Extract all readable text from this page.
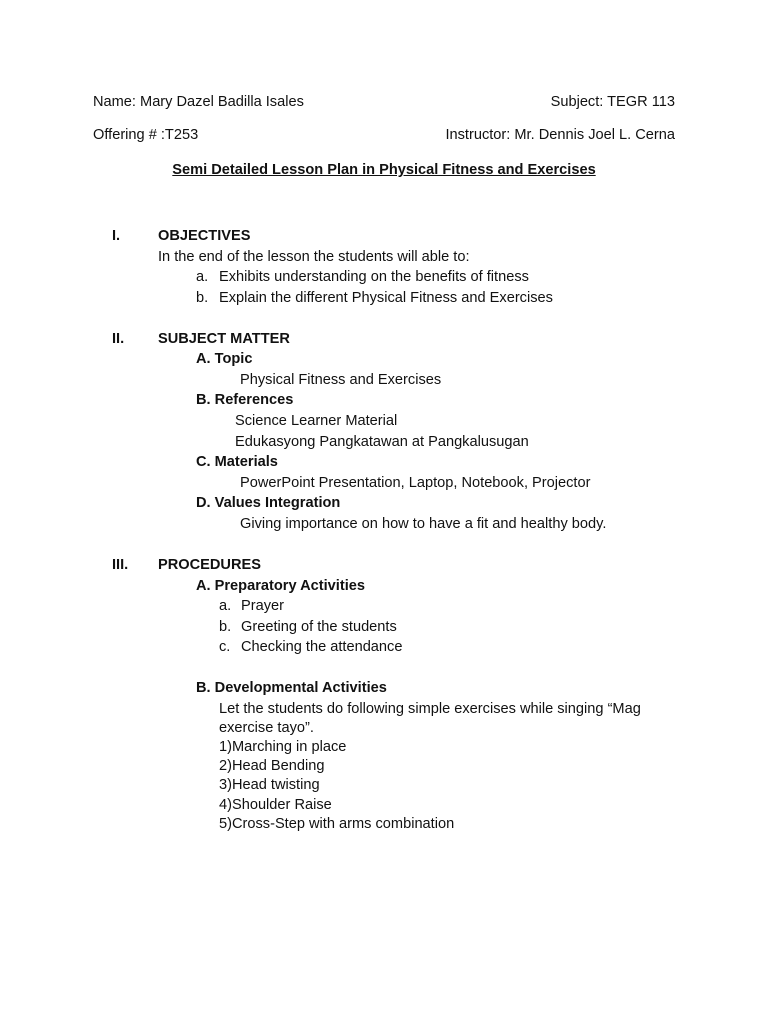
Name: Mary Dazel Badilla Isales	Subject: TEGR 113
Offering # :T253	Instructor: Mr. Dennis Joel L. Cerna
Semi Detailed Lesson Plan in Physical Fitness and Exercises
I.	OBJECTIVES
In the end of the lesson the students will able to:
a. Exhibits understanding on the benefits of fitness
b. Explain the different Physical Fitness and Exercises
II. SUBJECT MATTER
A. Topic
Physical Fitness and Exercises
B. References
Science Learner Material
Edukasyong Pangkatawan at Pangkalusugan
C. Materials
PowerPoint Presentation, Laptop, Notebook, Projector
D. Values Integration
Giving importance on how to have a fit and healthy body.
III. PROCEDURES
A. Preparatory Activities
a. Prayer
b. Greeting of the students
c. Checking the attendance
B. Developmental Activities
Let the students do following simple exercises while singing “Mag
exercise tayo”.
1)Marching in place
2)Head Bending
3)Head twisting
4)Shoulder Raise
5)Cross-Step with arms combination
